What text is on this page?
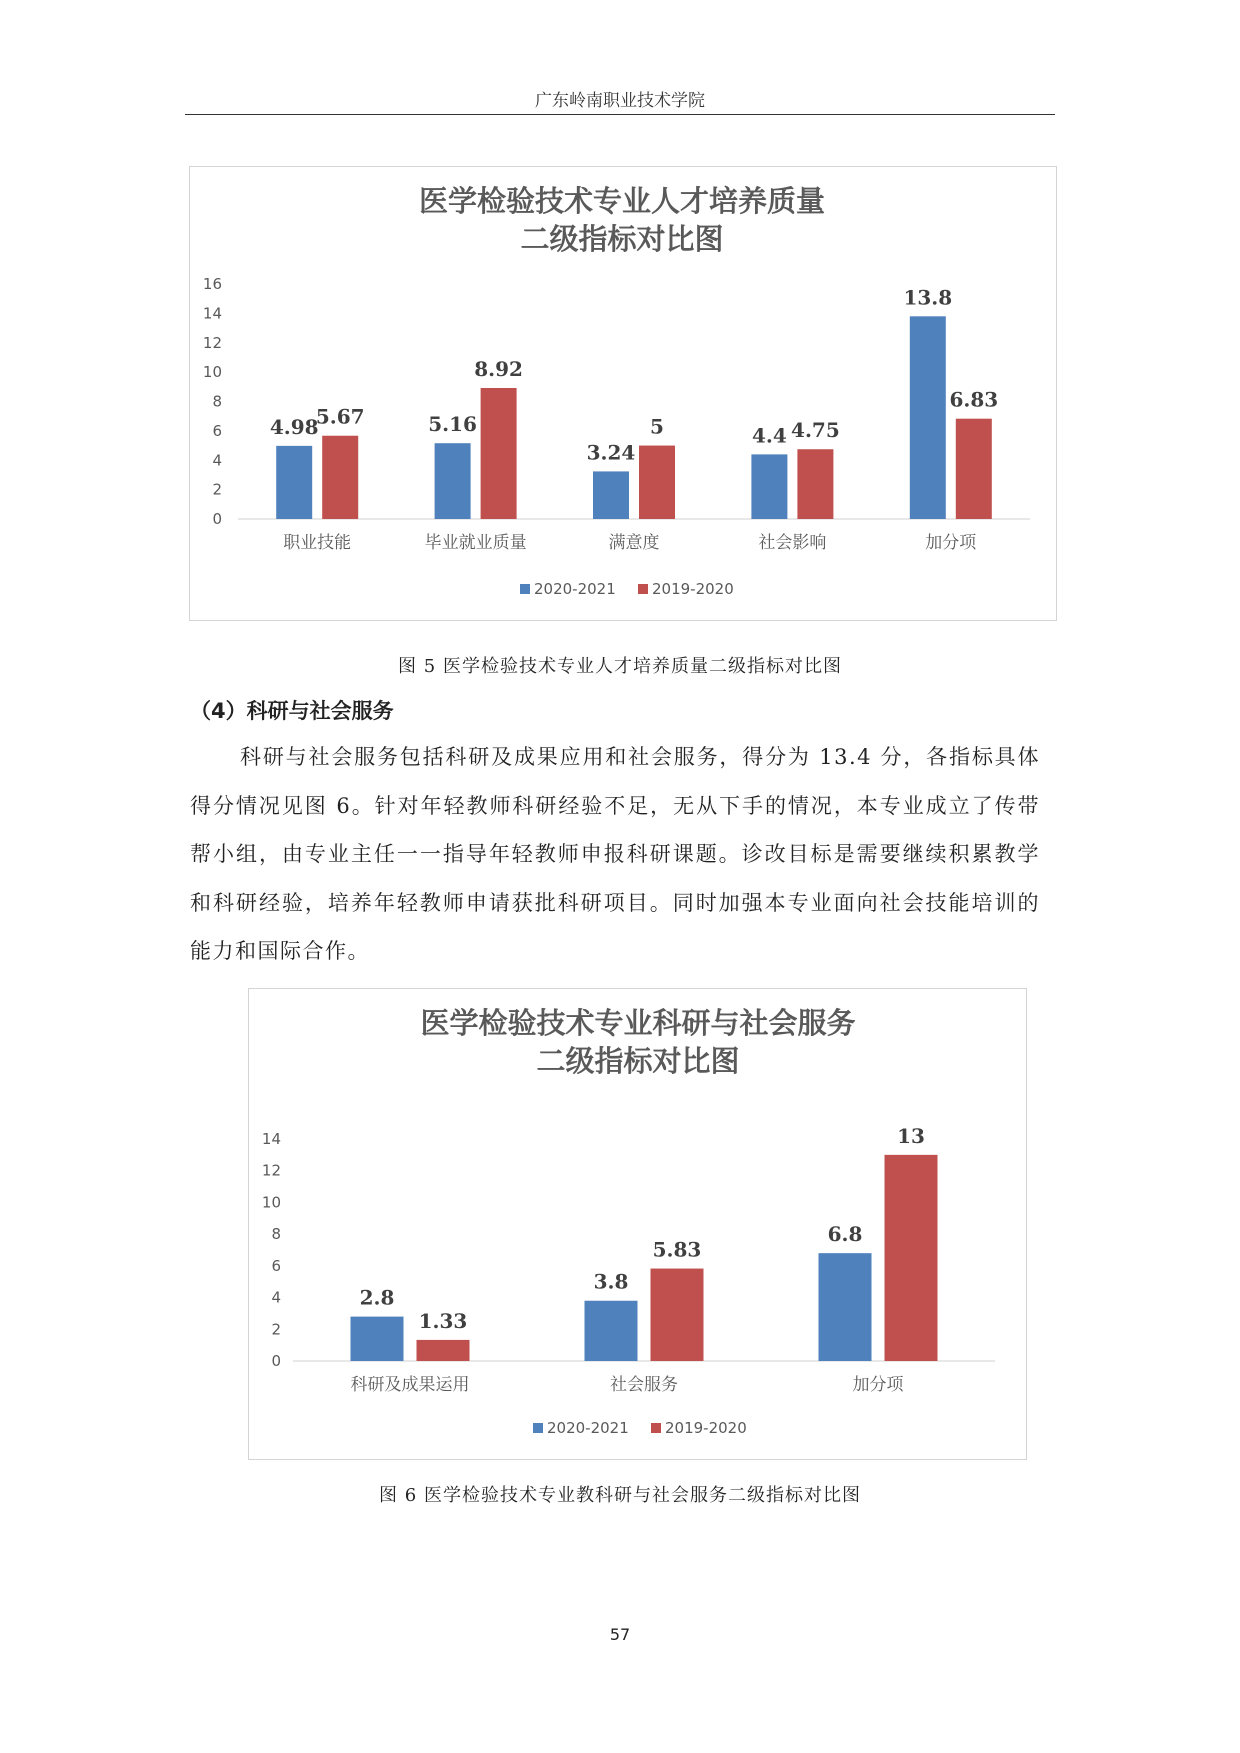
广东岭南职业技术学院
医学检验技术专业人才培养质量
二级指标对比图
0
2
4
6
8
10
12
14
16
职业技能
4.98
5.67
毕业就业质量
5.16
8.92
满意度
3.24
5
社会影响
4.4 4.75
加分项
13.8
6.83
2020-2021 2019-2020
图 5 医学检验技术专业人才培养质量二级指标对比图
（4）科研与社会服务
科研与社会服务包括科研及成果应用和社会服务，得分为 13.4 分，各指标具体得分情况见图 6。针对年轻教师科研经验不足，无从下手的情况，本专业成立了传带帮小组，由专业主任一一指导年轻教师申报科研课题。诊改目标是需要继续积累教学和科研经验，培养年轻教师申请获批科研项目。同时加强本专业面向社会技能培训的能力和国际合作。
医学检验技术专业科研与社会服务
二级指标对比图
0
2
4
6
8
10
12
14
科研及成果运用
2.8
1.33
社会服务
3.8
5.83
加分项
6.8
13
2020-2021 2019-2020
图 6 医学检验技术专业教科研与社会服务二级指标对比图
57
